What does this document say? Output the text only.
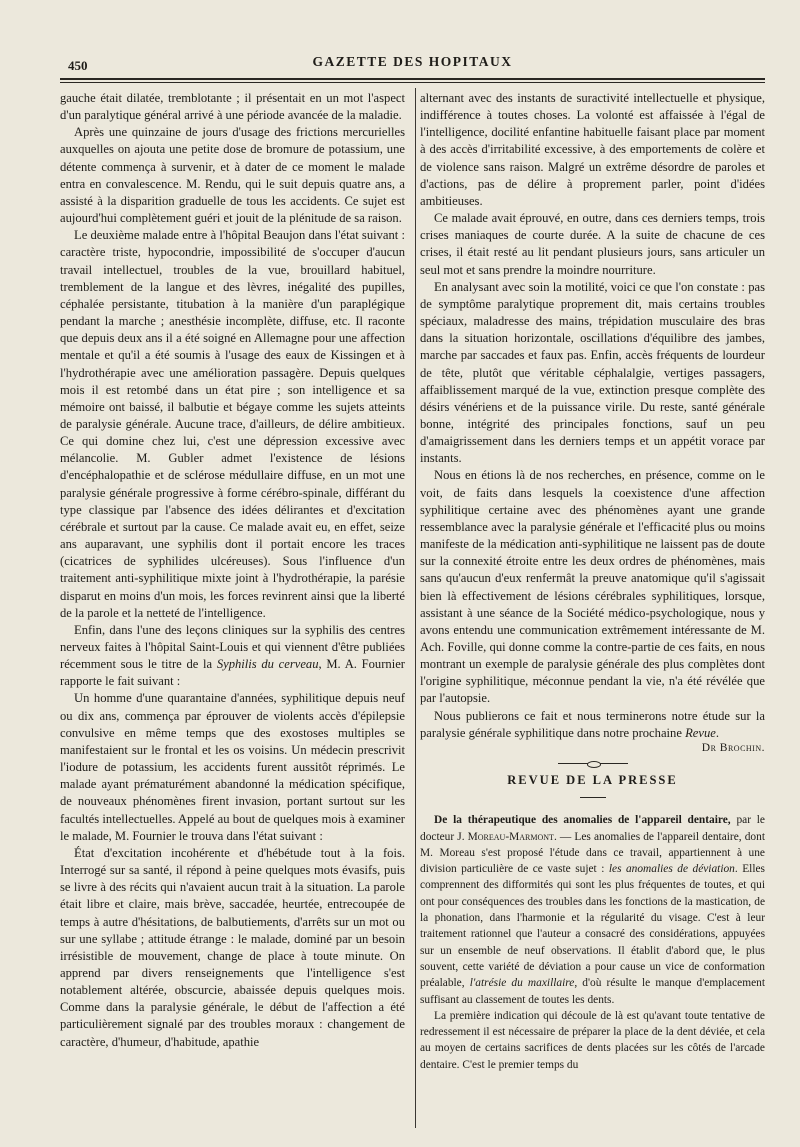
450	GAZETTE DES HOPITAUX

gauche était dilatée, tremblotante ; il présentait en un mot l'aspect d'un paralytique général arrivé à une période avancée de la maladie.

Après une quinzaine de jours d'usage des frictions mercurielles auxquelles on ajouta une petite dose de bromure de potassium, une détente commença à survenir, et à dater de ce moment le malade entra en convalescence. M. Rendu, qui le suit depuis quatre ans, a assisté à la disparition graduelle de tous les accidents. Ce sujet est aujourd'hui complètement guéri et jouit de la plénitude de sa raison.

Le deuxième malade entre à l'hôpital Beaujon dans l'état suivant : caractère triste, hypocondrie, impossibilité de s'occuper d'aucun travail intellectuel, troubles de la vue, brouillard habituel, tremblement de la langue et des lèvres, inégalité des pupilles, céphalée persistante, titubation à la manière d'un paraplégique pendant la marche ; anesthésie incomplète, diffuse, etc. Il raconte que depuis deux ans il a été soigné en Allemagne pour une affection mentale et qu'il a été soumis à l'usage des eaux de Kissingen et à l'hydrothérapie avec une amélioration passagère. Depuis quelques mois il est retombé dans un état pire ; son intelligence et sa mémoire ont baissé, il balbutie et bégaye comme les sujets atteints de paralysie générale. Aucune trace, d'ailleurs, de délire ambitieux. Ce qui domine chez lui, c'est une dépression excessive avec mélancolie. M. Gubler admet l'existence de lésions d'encéphalopathie et de sclérose médullaire diffuse, en un mot une paralysie générale progressive à forme cérébro-spinale, différant du type classique par l'absence des idées délirantes et d'excitation cérébrale et surtout par la cause. Ce malade avait eu, en effet, seize ans auparavant, une syphilis dont il portait encore les traces (cicatrices de syphilides ulcéreuses). Sous l'influence d'un traitement anti-syphilitique mixte joint à l'hydrothérapie, la parésie disparut en moins d'un mois, les forces revinrent ainsi que la liberté de la parole et la netteté de l'intelligence.

Enfin, dans l'une des leçons cliniques sur la syphilis des centres nerveux faites à l'hôpital Saint-Louis et qui viennent d'être publiées récemment sous le titre de la Syphilis du cerveau, M. A. Fournier rapporte le fait suivant :

Un homme d'une quarantaine d'années, syphilitique depuis neuf ou dix ans, commença par éprouver de violents accès d'épilepsie convulsive en même temps que des exostoses multiples se manifestaient sur le frontal et les os voisins. Un médecin prescrivit l'iodure de potassium, les accidents furent aussitôt réprimés. Le malade ayant prématurément abandonné la médication spécifique, de nouveaux phénomènes firent invasion, portant surtout sur les facultés intellectuelles. Appelé au bout de quelques mois à examiner le malade, M. Fournier le trouva dans l'état suivant :

État d'excitation incohérente et d'hébétude tout à la fois. Interrogé sur sa santé, il répond à peine quelques mots évasifs, puis se livre à des récits qui n'avaient aucun trait à la situation. La parole était libre et claire, mais brève, saccadée, heurtée, entrecoupée de temps à autre d'hésitations, de balbutiements, d'arrêts sur un mot ou sur une syllabe ; attitude étrange : le malade, dominé par un besoin irrésistible de mouvement, change de place à toute minute. On apprend par divers renseignements que l'intelligence s'est notablement altérée, obscurcie, abaissée depuis quelques mois. Comme dans la paralysie générale, le début de l'affection a été particulièrement signalé par des troubles moraux : changement de caractère, d'humeur, d'habitude, apathie

alternant avec des instants de suractivité intellectuelle et physique, indifférence à toutes choses. La volonté est affaissée à l'égal de l'intelligence, docilité enfantine habituelle faisant place par moment à des accès d'irritabilité excessive, à des emportements de colère et de violence sans raison. Malgré un extrême désordre de paroles et d'actions, pas de délire à proprement parler, point d'idées ambitieuses.

Ce malade avait éprouvé, en outre, dans ces derniers temps, trois crises maniaques de courte durée. A la suite de chacune de ces crises, il était resté au lit pendant plusieurs jours, sans articuler un seul mot et sans prendre la moindre nourriture.

En analysant avec soin la motilité, voici ce que l'on constate : pas de symptôme paralytique proprement dit, mais certains troubles spéciaux, maladresse des mains, trépidation musculaire des bras dans la situation horizontale, oscillations d'équilibre des jambes, marche par saccades et faux pas. Enfin, accès fréquents de lourdeur de tête, plutôt que véritable céphalalgie, vertiges passagers, affaiblissement marqué de la vue, extinction presque complète des désirs vénériens et de la puissance virile. Du reste, santé générale bonne, intégrité des principales fonctions, sauf un peu d'amaigrissement dans les derniers temps et un appétit vorace par instants.

Nous en étions là de nos recherches, en présence, comme on le voit, de faits dans lesquels la coexistence d'une affection syphilitique certaine avec des phénomènes ayant une grande ressemblance avec la paralysie générale et l'efficacité plus ou moins manifeste de la médication anti-syphilitique ne laissent pas de doute sur la connexité étroite entre les deux ordres de phénomènes, mais sans qu'aucun d'eux renfermât la preuve anatomique qu'il s'agissait bien là effectivement de lésions cérébrales syphilitiques, lorsque, assistant à une séance de la Société médico-psychologique, nous y avons entendu une communication extrêmement intéressante de M. Ach. Foville, qui donne comme la contre-partie de ces faits, en nous montrant un exemple de paralysie générale des plus complètes dont l'origine syphilitique, méconnue pendant la vie, n'a été révélée que par l'autopsie.

Nous publierons ce fait et nous terminerons notre étude sur la paralysie générale syphilitique dans notre prochaine Revue.

Dr Brochin.
REVUE DE LA PRESSE

De la thérapeutique des anomalies de l'appareil dentaire, par le docteur J. Moreau-Marmont. — Les anomalies de l'appareil dentaire, dont M. Moreau s'est proposé l'étude dans ce travail, appartiennent à une division particulière de ce vaste sujet : les anomalies de déviation. Elles comprennent des difformités qui sont les plus fréquentes de toutes, et qui ont pour conséquences des troubles dans les fonctions de la mastication, de la phonation, dans l'harmonie et la régularité du visage. C'est à leur traitement rationnel que l'auteur a consacré des considérations, appuyées sur un ensemble de neuf observations. Il établit d'abord que, le plus souvent, cette variété de déviation a pour cause un vice de conformation préalable, l'atrésie du maxillaire, d'où résulte le manque d'emplacement suffisant au classement de toutes les dents.

La première indication qui découle de là est qu'avant toute tentative de redressement il est nécessaire de préparer la place de la dent déviée, et cela au moyen de certains sacrifices de dents placées sur les côtés de l'arcade dentaire. C'est le premier temps du
